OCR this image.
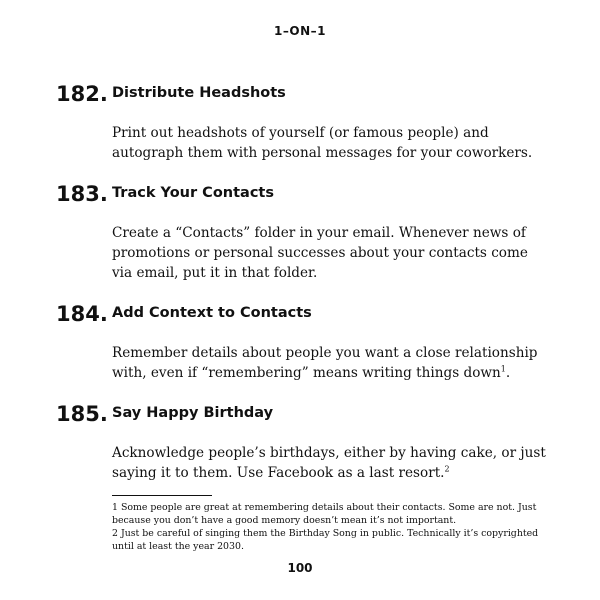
1–ON–1
182. Distribute Headshots
Print out headshots of yourself (or famous people) and autograph them with personal messages for your coworkers.
183. Track Your Contacts
Create a “Contacts” folder in your email. Whenever news of promotions or personal successes about your contacts come via email, put it in that folder.
184. Add Context to Contacts
Remember details about people you want a close relationship with, even if “remembering” means writing things down$^1$.
185. Say Happy Birthday
Acknowledge people’s birthdays, either by having cake, or just saying it to them. Use Facebook as a last resort.$^2$
1 Some people are great at remembering details about their contacts. Some are not. Just because you don’t have a good memory doesn’t mean it’s not important.
2 Just be careful of singing them the Birthday Song in public. Technically it’s copyrighted until at least the year 2030.
100
